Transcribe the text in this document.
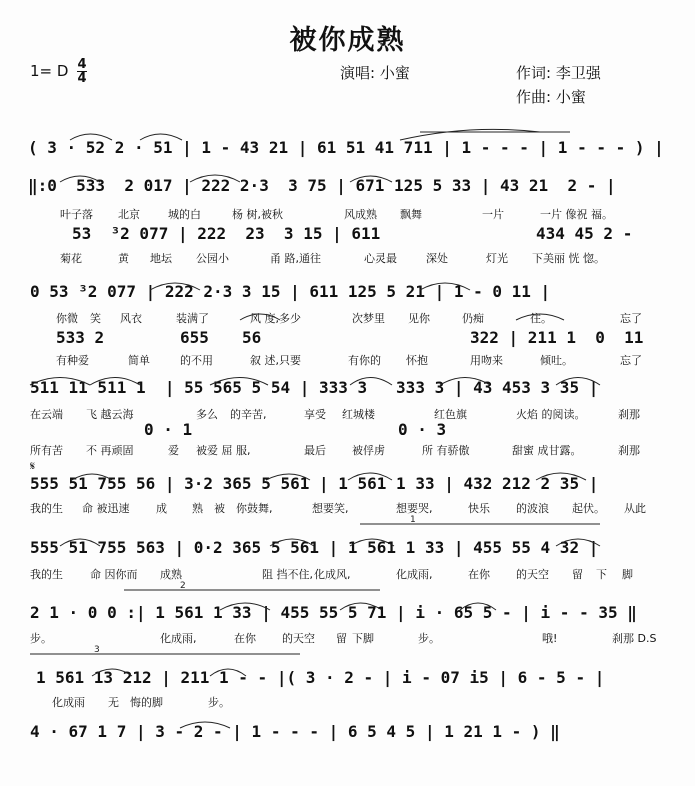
被你成熟
1= D 4
4	演唱: 小蜜	作词: 李卫强
作曲: 小蜜
( 3 · 52 2 · 51 | 1 - 43 21 | 61 51 41 711 | 1 - - - | 1 - - - ) |
‖:0  533  2 017 | 222 2·3  3 75 | 671 125 5 33 | 43 21  2 - |
叶子落 北京	城的白	杨 树,被秋	风成熟 飘舞	一片	一片 像祝 福。
53  ³2 077 | 222  23  3 15 | 611	434 45 2 -
菊花	黄 地坛 公园小	甬 路,通往	心灵最	深处	灯光 下美丽 恍 惚。
0 53 ³2 077 | 222 2·3 3 15 | 611 125 5 21 | 1 - 0 11 |
你微 笑 风衣	装满了	风 度,多少	次梦里 见你	仍痴	往。	忘了
533 2	655 56	322 | 211 1  0  11
有种爱	简单	的不用	叙 述,只要	有你的 怀抱	用吻来	倾吐。	忘了
511 11 511 1  | 55 565 5 54 | 333 3   333 3 | 43 453 3 35 |
在云端 飞 越云海	多么 的辛苦,	享受 红城楼	红色旗	火焰 的阅读。	刹那
0 · 1	0 · 3
所有苦 不 再顽固	爱 被爱 屈 服,	最后 被俘虏	所 有骄傲	甜蜜 成甘露。	刹那
555 51 755 56 | 3·2 365 5 561 | 1 561 1 33 | 432 212 2 35 |
我的生 命 被迅速 成 熟 被 你鼓舞,	想要笑,	想要哭,	快乐 的波浪 起伏。 从此
555 51 755 563 | 0·2 365 5 561 | 1 561 1 33 | 455 55 4 32 |
我的生 命 因你而 成熟	阻 挡不住, 化成风,	化成雨,	在你 的天空 留 下 脚
2 1 · 0 0 :| 1 561 1 33 | 455 55 5 71 | i · 65 5 - | i - - 35 ‖
步。	化成雨,	在你 的天空 留 下脚	步。	哦!	刹那 D.S
1 561 13 212 | 211 1 - - |( 3 · 2 - | i - 07 i5 | 6 - 5 - |
化成雨 无 悔的脚	步。
4 · 67 1 7 | 3 - 2 - | 1 - - - | 6 5 4 5 | 1 21 1 - ) ‖
1
2
3
𝄋
